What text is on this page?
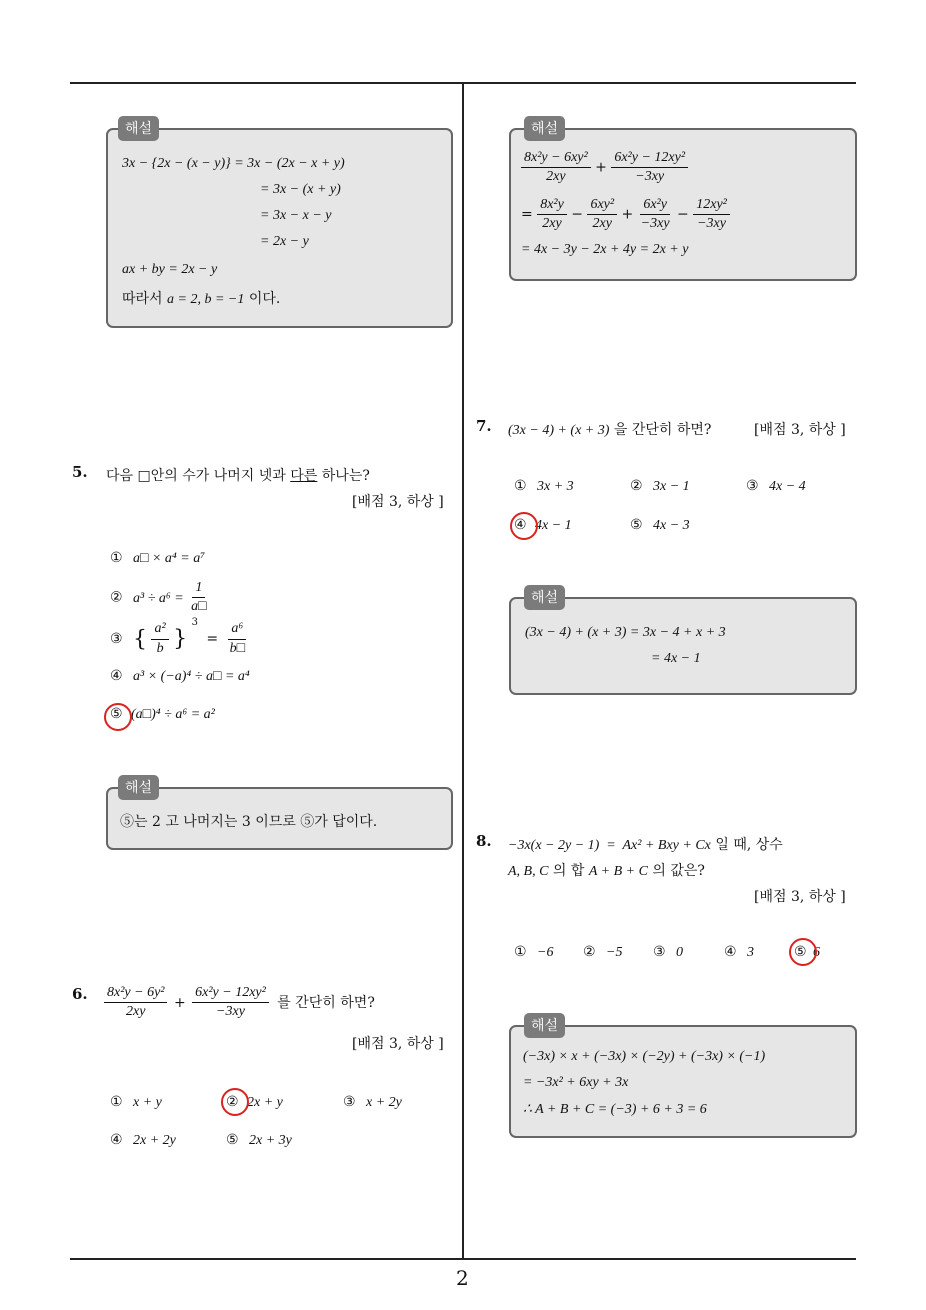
2
3x − {2x − (x − y)} = 3x − (2x − x + y)
= 3x − (x + y)
= 3x − x − y
= 2x − y
ax + by = 2x − y
따라서 a = 2, b = −1 이다.
해설
5. 다음 □안의 수가 나머지 넷과 다른 하나는?
[배점 3, 하상 ]
① a□ × a⁴ = a⁷
② $a^3 \div a^6 = \frac{1}{a□}$
③ { $\frac{\text{a²}}{b}$ } $^3 = \frac{\text{a⁶}}{b□}$
④ a³ × (−a)⁴ ÷ a□ = a⁴
⑤ (a□)⁴ ÷ a⁶ = a²
⑤는 2 고 나머지는 3 이므로 ⑤가 답이다.
해설
6. $\frac{\text{8x²y − 6y²}}{2xy} + \frac{\text{6x²y − 12xy²}}{-3xy}$ 를 간단히 하면?
[배점 3, 하상 ]
① x + y	② 2x + y	③ x + 2y
④ 2x + 2y	⑤ 2x + 3y
$\frac{\text{8x²y − 6xy²}}{2xy} + \frac{\text{6x²y − 12xy²}}{-3xy}$
= $\frac{\text{8x²y}}{2xy} - \frac{\text{6xy²}}{2xy} + \frac{\text{6x²y}}{-3xy} - \frac{\text{12xy²}}{-3xy}$
= 4x − 3y − 2x + 4y = 2x + y
해설
7. (3x − 4) + (x + 3) 을 간단히 하면?	[배점 3, 하상 ]
① 3x + 3	② 3x − 1	③ 4x − 4
④ 4x − 1	⑤ 4x − 3
(3x − 4) + (x + 3) = 3x − 4 + x + 3
= 4x − 1
해설
8. −3x(x − 2y − 1)  =  Ax² + Bxy + Cx 일 때, 상수
A, B, C 의 합 A + B + C 의 값은?
[배점 3, 하상 ]
① −6 ② −5 ③ 0	④ 3	⑤ 6
(−3x) × x + (−3x) × (−2y) + (−3x) × (−1)
= −3x² + 6xy + 3x
∴ A + B + C = (−3) + 6 + 3 = 6
해설
